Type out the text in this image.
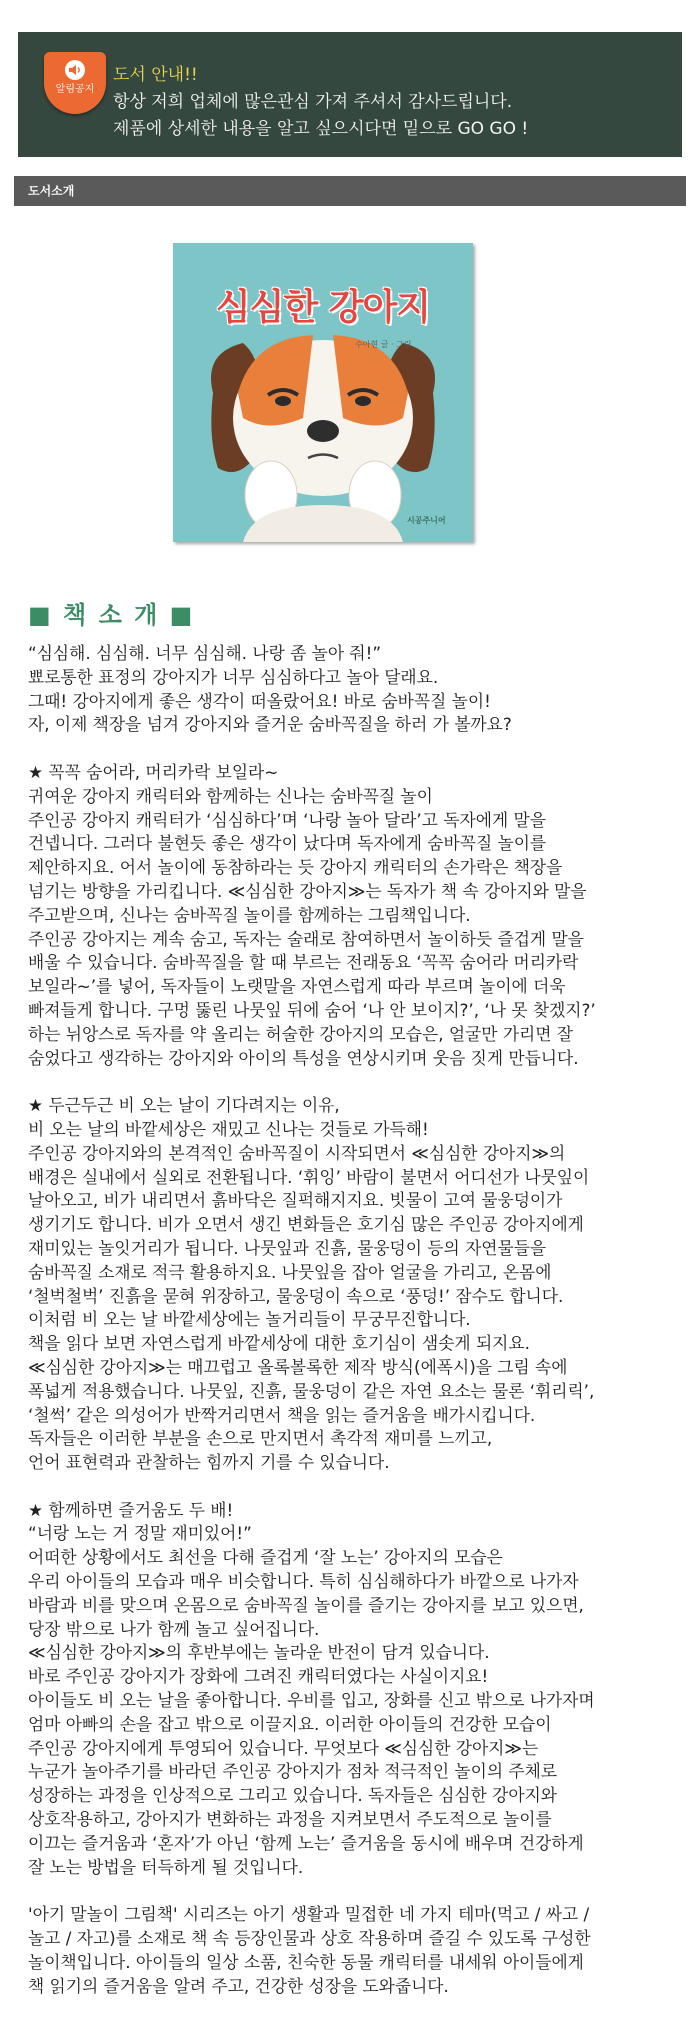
알림공지
도서 안내!!
항상 저희 업체에 많은관심 가져 주셔서 감사드립니다.
제품에 상세한 내용을 알고 싶으시다면 밑으로 GO GO !
도서소개
심심한 강아지
수아현 글 · 그림
시공주니어
■ 책 소 개 ■
“심심해. 심심해. 너무 심심해. 나랑 좀 놀아 줘!”
뾰로통한 표정의 강아지가 너무 심심하다고 놀아 달래요.
그때! 강아지에게 좋은 생각이 떠올랐어요! 바로 숨바꼭질 놀이!
자, 이제 책장을 넘겨 강아지와 즐거운 숨바꼭질을 하러 가 볼까요?
★ 꼭꼭 숨어라, 머리카락 보일라~
귀여운 강아지 캐릭터와 함께하는 신나는 숨바꼭질 놀이
주인공 강아지 캐릭터가 ‘심심하다’며 ‘나랑 놀아 달라’고 독자에게 말을
건넵니다. 그러다 불현듯 좋은 생각이 났다며 독자에게 숨바꼭질 놀이를
제안하지요. 어서 놀이에 동참하라는 듯 강아지 캐릭터의 손가락은 책장을
넘기는 방향을 가리킵니다. ≪심심한 강아지≫는 독자가 책 속 강아지와 말을
주고받으며, 신나는 숨바꼭질 놀이를 함께하는 그림책입니다.
주인공 강아지는 계속 숨고, 독자는 술래로 참여하면서 놀이하듯 즐겁게 말을
배울 수 있습니다. 숨바꼭질을 할 때 부르는 전래동요 ‘꼭꼭 숨어라 머리카락
보일라~’를 넣어, 독자들이 노랫말을 자연스럽게 따라 부르며 놀이에 더욱
빠져들게 합니다. 구멍 뚫린 나뭇잎 뒤에 숨어 ‘나 안 보이지?’, ‘나 못 찾겠지?’
하는 뉘앙스로 독자를 약 올리는 허술한 강아지의 모습은, 얼굴만 가리면 잘
숨었다고 생각하는 강아지와 아이의 특성을 연상시키며 웃음 짓게 만듭니다.
★ 두근두근 비 오는 날이 기다려지는 이유,
비 오는 날의 바깥세상은 재밌고 신나는 것들로 가득해!
주인공 강아지와의 본격적인 숨바꼭질이 시작되면서 ≪심심한 강아지≫의
배경은 실내에서 실외로 전환됩니다. ‘휘잉’ 바람이 불면서 어디선가 나뭇잎이
날아오고, 비가 내리면서 흙바닥은 질퍽해지지요. 빗물이 고여 물웅덩이가
생기기도 합니다. 비가 오면서 생긴 변화들은 호기심 많은 주인공 강아지에게
재미있는 놀잇거리가 됩니다. 나뭇잎과 진흙, 물웅덩이 등의 자연물들을
숨바꼭질 소재로 적극 활용하지요. 나뭇잎을 잡아 얼굴을 가리고, 온몸에
‘철벅철벅’ 진흙을 묻혀 위장하고, 물웅덩이 속으로 ‘풍덩!’ 잠수도 합니다.
이처럼 비 오는 날 바깥세상에는 놀거리들이 무궁무진합니다.
책을 읽다 보면 자연스럽게 바깥세상에 대한 호기심이 샘솟게 되지요.
≪심심한 강아지≫는 매끄럽고 올록볼록한 제작 방식(에폭시)을 그림 속에
폭넓게 적용했습니다. 나뭇잎, 진흙, 물웅덩이 같은 자연 요소는 물론 ‘휘리릭’,
‘철썩’ 같은 의성어가 반짝거리면서 책을 읽는 즐거움을 배가시킵니다.
독자들은 이러한 부분을 손으로 만지면서 촉각적 재미를 느끼고,
언어 표현력과 관찰하는 힘까지 기를 수 있습니다.
★ 함께하면 즐거움도 두 배!
“너랑 노는 거 정말 재미있어!”
어떠한 상황에서도 최선을 다해 즐겁게 ‘잘 노는’ 강아지의 모습은
우리 아이들의 모습과 매우 비슷합니다. 특히 심심해하다가 바깥으로 나가자
바람과 비를 맞으며 온몸으로 숨바꼭질 놀이를 즐기는 강아지를 보고 있으면,
당장 밖으로 나가 함께 놀고 싶어집니다.
≪심심한 강아지≫의 후반부에는 놀라운 반전이 담겨 있습니다.
바로 주인공 강아지가 장화에 그려진 캐릭터였다는 사실이지요!
아이들도 비 오는 날을 좋아합니다. 우비를 입고, 장화를 신고 밖으로 나가자며
엄마 아빠의 손을 잡고 밖으로 이끌지요. 이러한 아이들의 건강한 모습이
주인공 강아지에게 투영되어 있습니다. 무엇보다 ≪심심한 강아지≫는
누군가 놀아주기를 바라던 주인공 강아지가 점차 적극적인 놀이의 주체로
성장하는 과정을 인상적으로 그리고 있습니다. 독자들은 심심한 강아지와
상호작용하고, 강아지가 변화하는 과정을 지켜보면서 주도적으로 놀이를
이끄는 즐거움과 ‘혼자’가 아닌 ‘함께 노는’ 즐거움을 동시에 배우며 건강하게
잘 노는 방법을 터득하게 될 것입니다.
'아기 말놀이 그림책' 시리즈는 아기 생활과 밀접한 네 가지 테마(먹고 / 싸고 /
놀고 / 자고)를 소재로 책 속 등장인물과 상호 작용하며 즐길 수 있도록 구성한
놀이책입니다. 아이들의 일상 소품, 친숙한 동물 캐릭터를 내세워 아이들에게
책 읽기의 즐거움을 알려 주고, 건강한 성장을 도와줍니다.
